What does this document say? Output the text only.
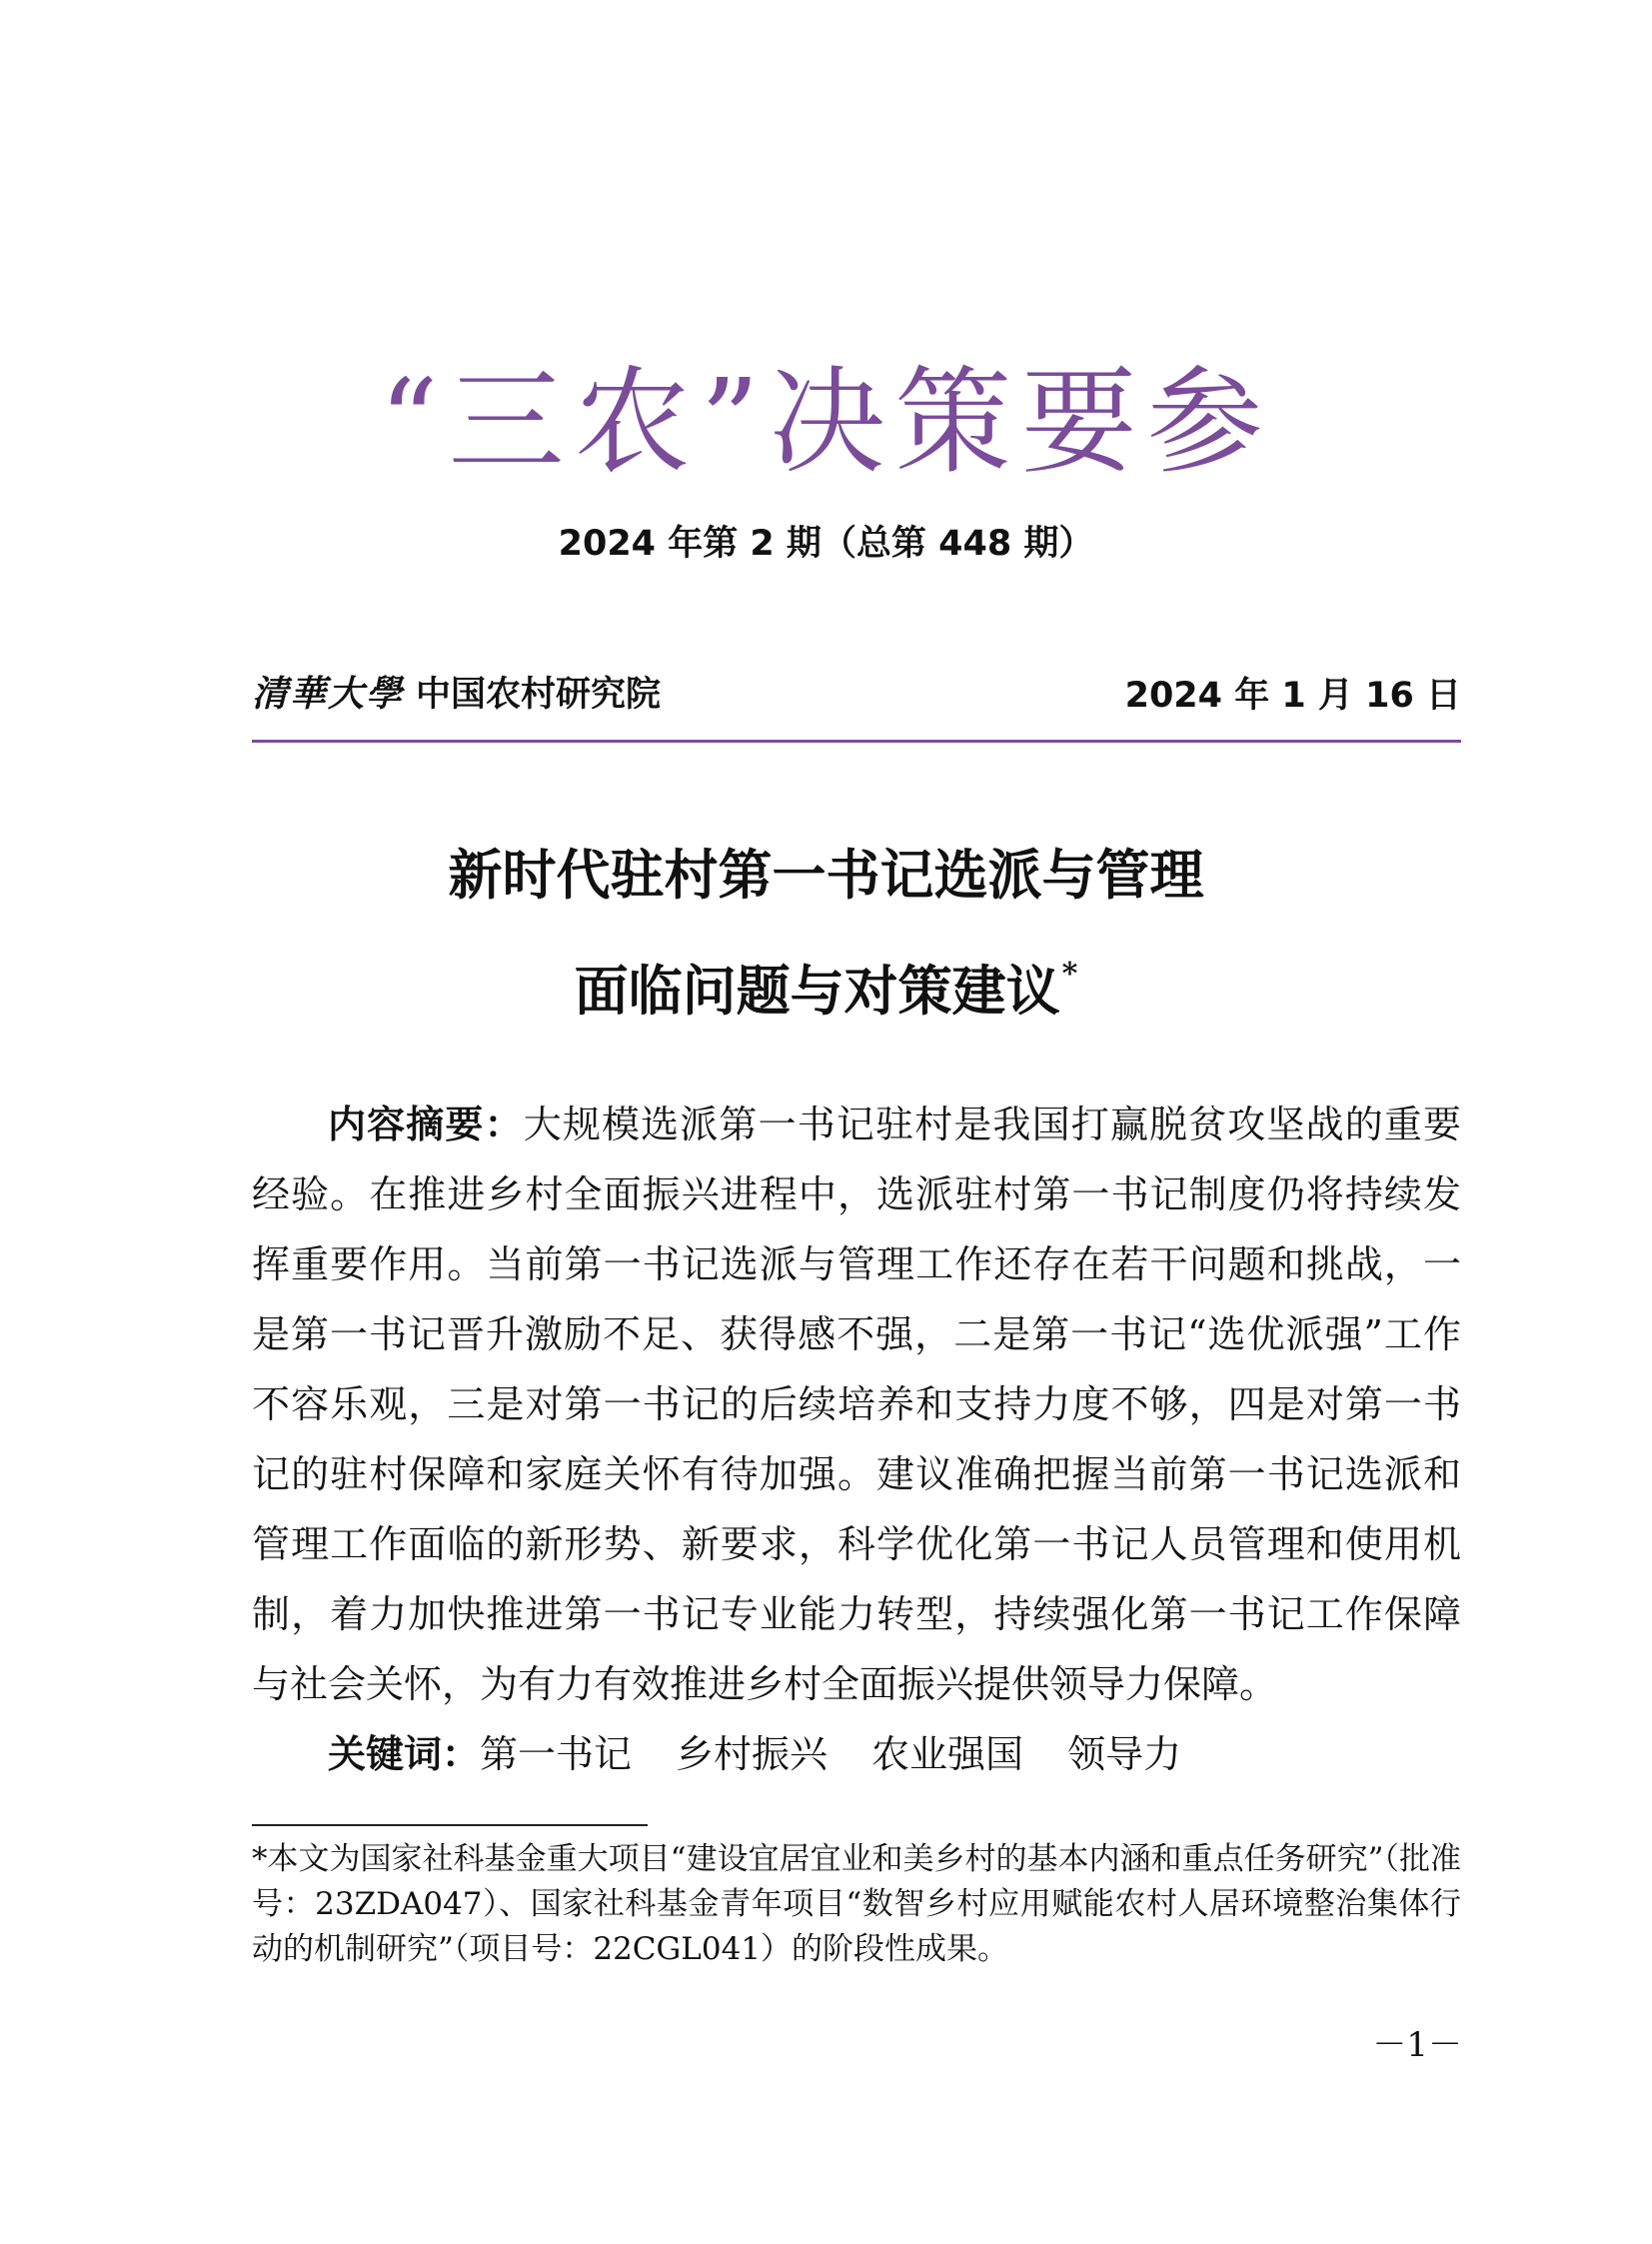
“三农”决策要参
2024 年第 2 期（总第 448 期）
清華大學 中国农村研究院	2024 年 1 月 16 日
新时代驻村第一书记选派与管理
面临问题与对策建议*

内容摘要：大规模选派第一书记驻村是我国打赢脱贫攻坚战的重要经验。在推进乡村全面振兴进程中，选派驻村第一书记制度仍将持续发挥重要作用。当前第一书记选派与管理工作还存在若干问题和挑战，一是第一书记晋升激励不足、获得感不强，二是第一书记“选优派强”工作不容乐观，三是对第一书记的后续培养和支持力度不够，四是对第一书记的驻村保障和家庭关怀有待加强。建议准确把握当前第一书记选派和管理工作面临的新形势、新要求，科学优化第一书记人员管理和使用机制，着力加快推进第一书记专业能力转型，持续强化第一书记工作保障与社会关怀，为有力有效推进乡村全面振兴提供领导力保障。

关键词：第一书记 乡村振兴 农业强国 领导力

*本文为国家社科基金重大项目“建设宜居宜业和美乡村的基本内涵和重点任务研究”（批准号：23ZDA047）、国家社科基金青年项目“数智乡村应用赋能农村人居环境整治集体行动的机制研究”（项目号：22CGL041）的阶段性成果。

－1－
